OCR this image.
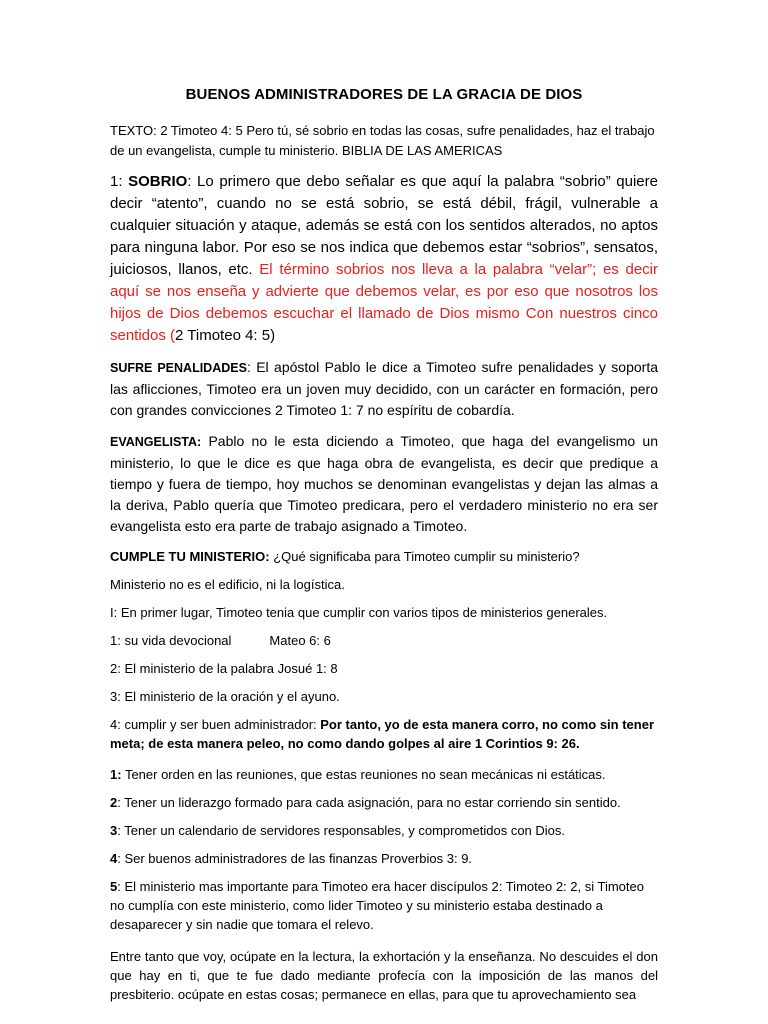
BUENOS ADMINISTRADORES DE LA GRACIA DE DIOS

TEXTO: 2 Timoteo 4: 5 Pero tú, sé sobrio en todas las cosas, sufre penalidades, haz el trabajo de un evangelista, cumple tu ministerio. BIBLIA DE LAS AMERICAS

1: SOBRIO: Lo primero que debo señalar es que aquí la palabra “sobrio” quiere decir “atento”, cuando no se está sobrio, se está débil, frágil, vulnerable a cualquier situación y ataque, además se está con los sentidos alterados, no aptos para ninguna labor. Por eso se nos indica que debemos estar “sobrios”, sensatos, juiciosos, llanos, etc. El término sobrios nos lleva a la palabra “velar”; es decir aquí se nos enseña y advierte que debemos velar, es por eso que nosotros los hijos de Dios debemos escuchar el llamado de Dios mismo Con nuestros cinco sentidos (2 Timoteo 4: 5)

SUFRE PENALIDADES: El apóstol Pablo le dice a Timoteo sufre penalidades y soporta las aflicciones, Timoteo era un joven muy decidido, con un carácter en formación, pero con grandes convicciones 2 Timoteo 1: 7 no espíritu de cobardía.

EVANGELISTA: Pablo no le esta diciendo a Timoteo, que haga del evangelismo un ministerio, lo que le dice es que haga obra de evangelista, es decir que predique a tiempo y fuera de tiempo, hoy muchos se denominan evangelistas y dejan las almas a la deriva, Pablo quería que Timoteo predicara, pero el verdadero ministerio no era ser evangelista esto era parte de trabajo asignado a Timoteo.

CUMPLE TU MINISTERIO: ¿Qué significaba para Timoteo cumplir su ministerio?

Ministerio no es el edificio, ni la logística.

I: En primer lugar, Timoteo tenia que cumplir con varios tipos de ministerios generales.

1: su vida devocional	Mateo 6: 6

2: El ministerio de la palabra Josué 1: 8

3: El ministerio de la oración y el ayuno.

4: cumplir y ser buen administrador: Por tanto, yo de esta manera corro, no como sin tener meta; de esta manera peleo, no como dando golpes al aire 1 Corintios 9: 26.

1: Tener orden en las reuniones, que estas reuniones no sean mecánicas ni estáticas.

2: Tener un liderazgo formado para cada asignación, para no estar corriendo sin sentido.

3: Tener un calendario de servidores responsables, y comprometidos con Dios.

4: Ser buenos administradores de las finanzas Proverbios 3: 9.

5: El ministerio mas importante para Timoteo era hacer discípulos 2: Timoteo 2: 2, si Timoteo no cumplía con este ministerio, como lider Timoteo y su ministerio estaba destinado a desaparecer y sin nadie que tomara el relevo.

Entre tanto que voy, ocúpate en la lectura, la exhortación y la enseñanza. No descuides el don que hay en ti, que te fue dado mediante profecía con la imposición de las manos del presbiterio. ocúpate en estas cosas; permanece en ellas, para que tu aprovechamiento sea
